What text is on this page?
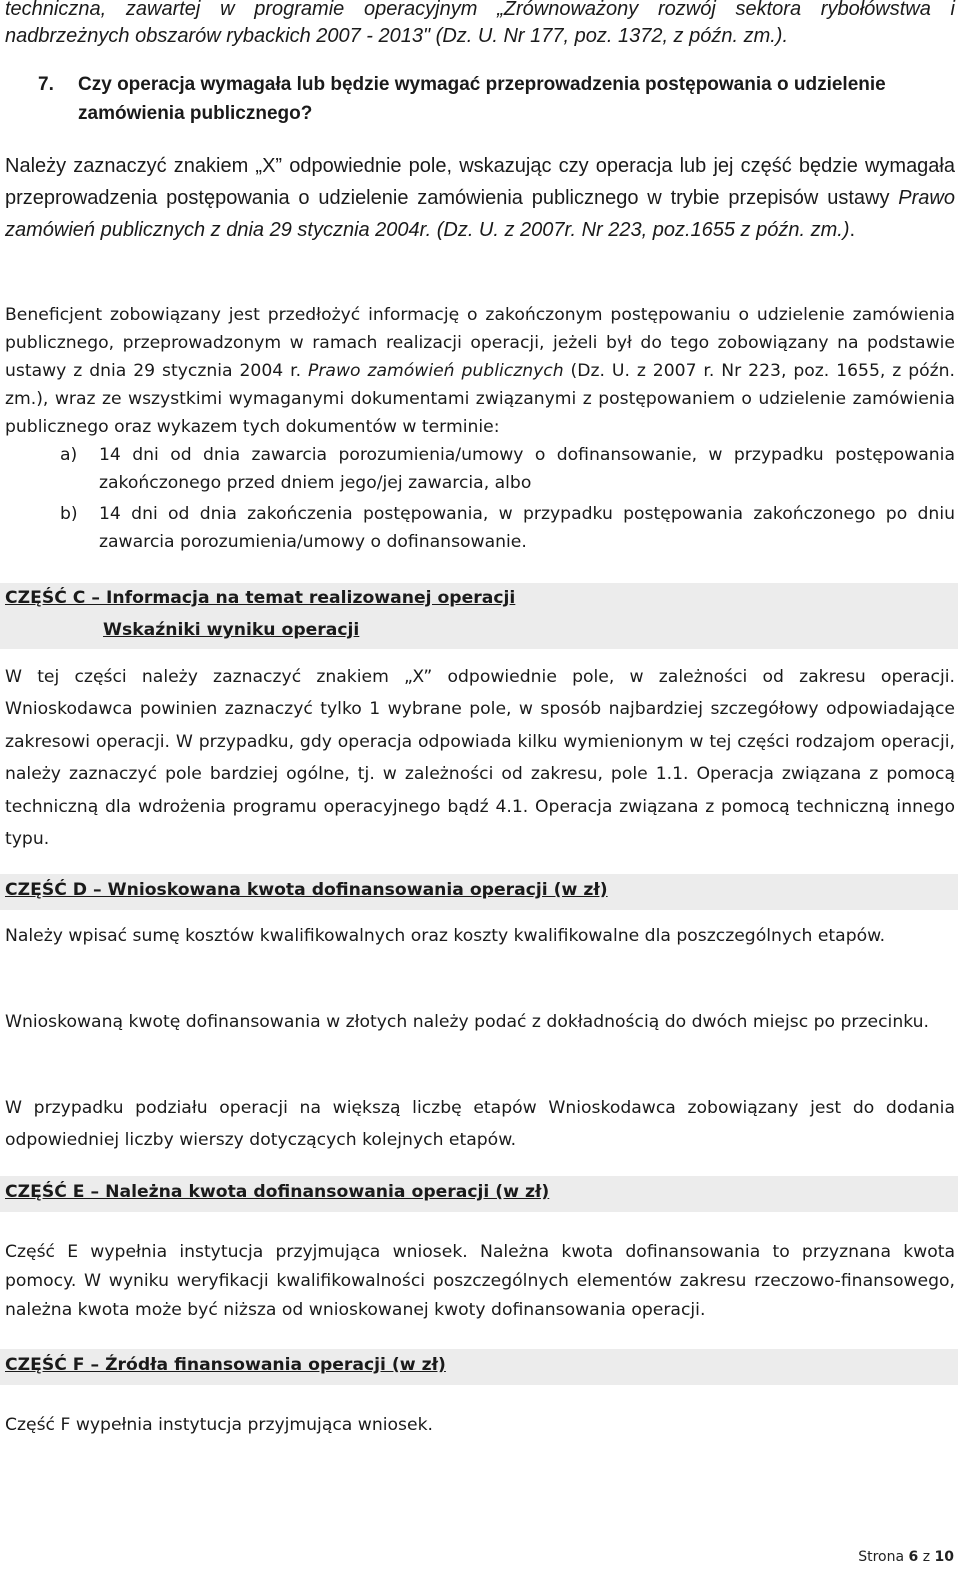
techniczna, zawartej w programie operacyjnym „Zrównoważony rozwój sektora rybołówstwa i nadbrzeżnych obszarów rybackich 2007 - 2013" (Dz. U. Nr 177, poz. 1372, z późn. zm.).
7. Czy operacja wymagała lub będzie wymagać przeprowadzenia postępowania o udzielenie zamówienia publicznego?
Należy zaznaczyć znakiem „X” odpowiednie pole, wskazując czy operacja lub jej część będzie wymagała przeprowadzenia postępowania o udzielenie zamówienia publicznego w trybie przepisów ustawy Prawo zamówień publicznych z dnia 29 stycznia 2004r. (Dz. U. z 2007r. Nr 223, poz.1655 z późn. zm.).
Beneficjent zobowiązany jest przedłożyć informację o zakończonym postępowaniu o udzielenie zamówienia publicznego, przeprowadzonym w ramach realizacji operacji, jeżeli był do tego zobowiązany na podstawie ustawy z dnia 29 stycznia 2004 r. Prawo zamówień publicznych (Dz. U. z 2007 r. Nr 223, poz. 1655, z późn. zm.), wraz ze wszystkimi wymaganymi dokumentami związanymi z postępowaniem o udzielenie zamówienia publicznego oraz wykazem tych dokumentów w terminie:
a) 14 dni od dnia zawarcia porozumienia/umowy o dofinansowanie, w przypadku postępowania zakończonego przed dniem jego/jej zawarcia, albo
b) 14 dni od dnia zakończenia postępowania, w przypadku postępowania zakończonego po dniu zawarcia porozumienia/umowy o dofinansowanie.
CZĘŚĆ C – Informacja na temat realizowanej operacji
Wskaźniki wyniku operacji
W tej części należy zaznaczyć znakiem „X” odpowiednie pole, w zależności od zakresu operacji. Wnioskodawca powinien zaznaczyć tylko 1 wybrane pole, w sposób najbardziej szczegółowy odpowiadające zakresowi operacji. W przypadku, gdy operacja odpowiada kilku wymienionym w tej części rodzajom operacji, należy zaznaczyć pole bardziej ogólne, tj. w zależności od zakresu, pole 1.1. Operacja związana z pomocą techniczną dla wdrożenia programu operacyjnego bądź 4.1. Operacja związana z pomocą techniczną innego typu.
CZĘŚĆ D – Wnioskowana kwota dofinansowania operacji (w zł)
Należy wpisać sumę kosztów kwalifikowalnych oraz koszty kwalifikowalne dla poszczególnych etapów.
Wnioskowaną kwotę dofinansowania w złotych należy podać z dokładnością do dwóch miejsc po przecinku.
W przypadku podziału operacji na większą liczbę etapów Wnioskodawca zobowiązany jest do dodania odpowiedniej liczby wierszy dotyczących kolejnych etapów.
CZĘŚĆ E – Należna kwota dofinansowania operacji (w zł)
Część E wypełnia instytucja przyjmująca wniosek. Należna kwota dofinansowania to przyznana kwota pomocy. W wyniku weryfikacji kwalifikowalności poszczególnych elementów zakresu rzeczowo-finansowego, należna kwota może być niższa od wnioskowanej kwoty dofinansowania operacji.
CZĘŚĆ F – Źródła finansowania operacji (w zł)
Część F wypełnia instytucja przyjmująca wniosek.
Strona 6 z 10
